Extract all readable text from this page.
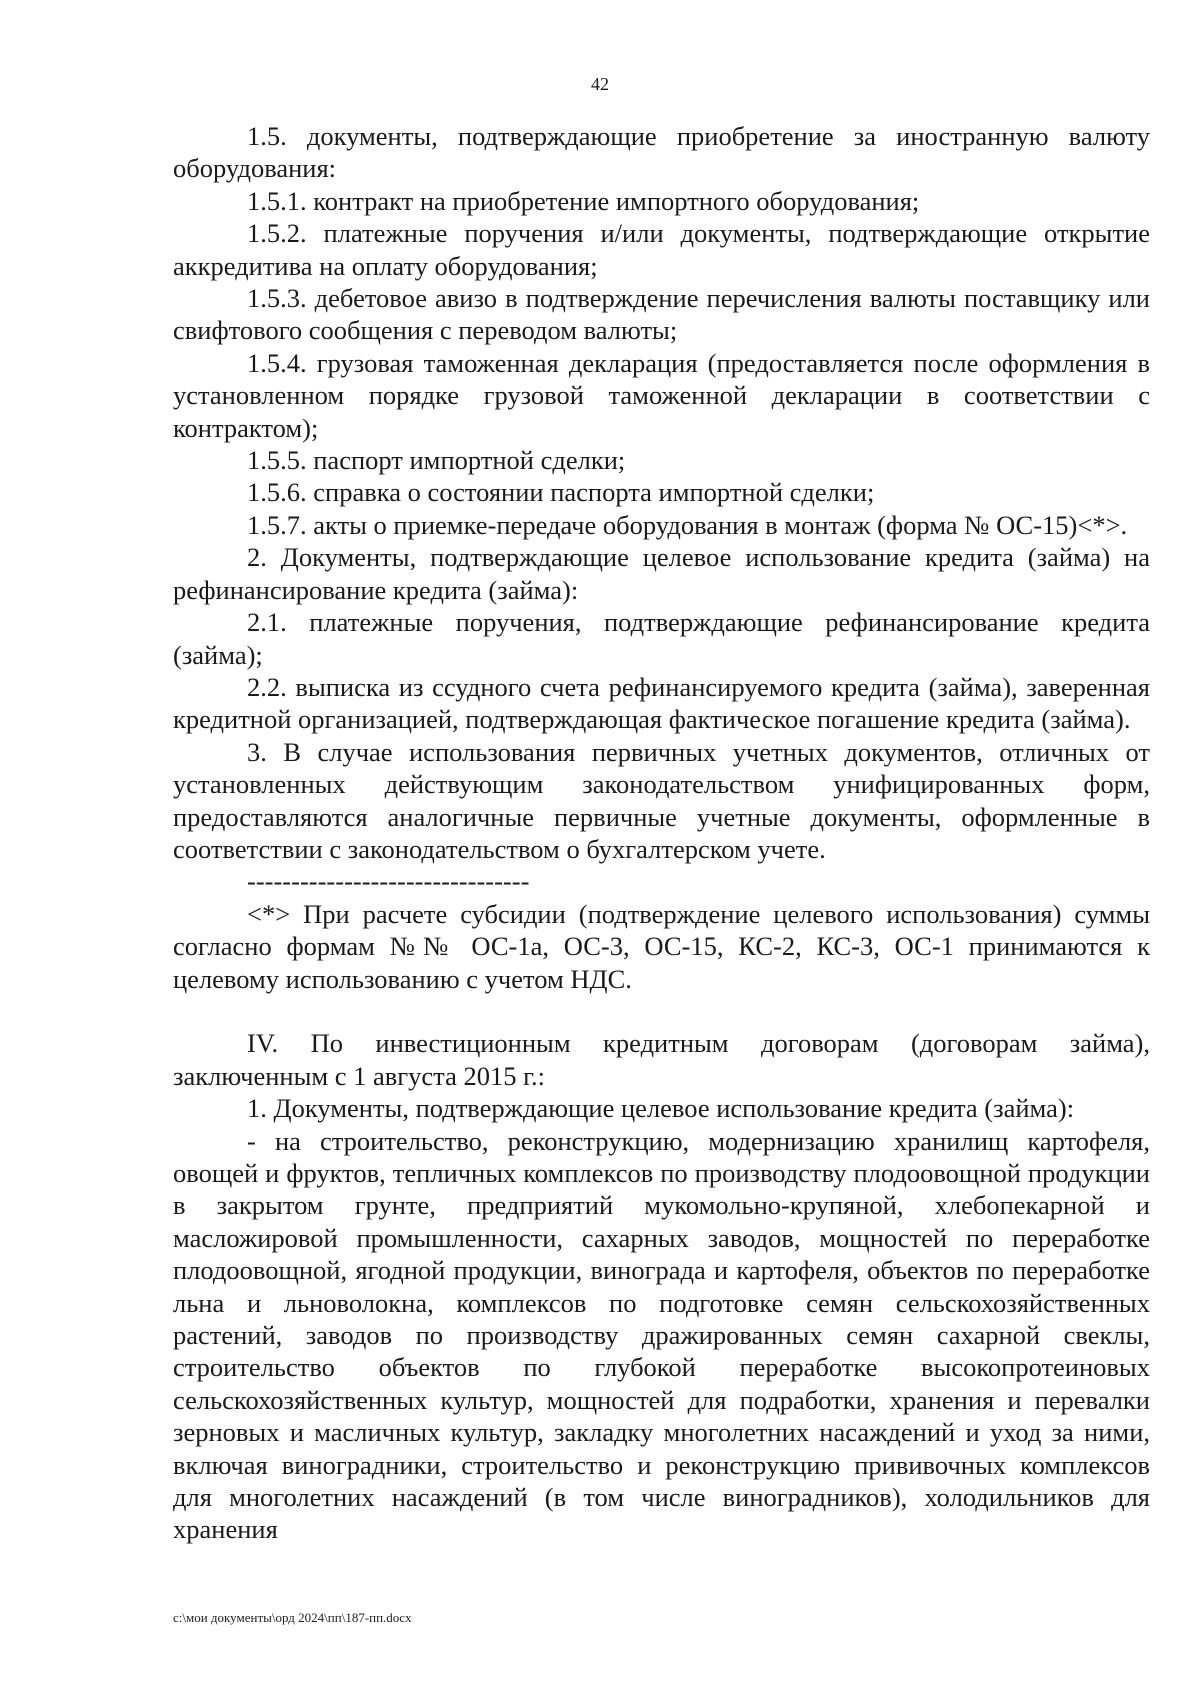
42

1.5. документы, подтверждающие приобретение за иностранную валюту оборудования:

1.5.1. контракт на приобретение импортного оборудования;

1.5.2. платежные поручения и/или документы, подтверждающие открытие аккредитива на оплату оборудования;

1.5.3. дебетовое авизо в подтверждение перечисления валюты поставщику или свифтового сообщения с переводом валюты;

1.5.4. грузовая таможенная декларация (предоставляется после оформления в установленном порядке грузовой таможенной декларации в соответствии с контрактом);

1.5.5. паспорт импортной сделки;

1.5.6. справка о состоянии паспорта импортной сделки;

1.5.7. акты о приемке-передаче оборудования в монтаж (форма № ОС-15)<*>.

2. Документы, подтверждающие целевое использование кредита (займа) на рефинансирование кредита (займа):

2.1. платежные поручения, подтверждающие рефинансирование кредита (займа);

2.2. выписка из ссудного счета рефинансируемого кредита (займа), заверенная кредитной организацией, подтверждающая фактическое погашение кредита (займа).

3. В случае использования первичных учетных документов, отличных от установленных действующим законодательством унифицированных форм, предоставляются аналогичные первичные учетные документы, оформленные в соответствии с законодательством о бухгалтерском учете.

--------------------------------

<*> При расчете субсидии (подтверждение целевого использования) суммы согласно формам №№ ОС-1а, ОС-3, ОС-15, КС-2, КС-3, ОС-1 принимаются к целевому использованию с учетом НДС.

IV. По инвестиционным кредитным договорам (договорам займа), заключенным с 1 августа 2015 г.:

1. Документы, подтверждающие целевое использование кредита (займа):

- на строительство, реконструкцию, модернизацию хранилищ картофеля, овощей и фруктов, тепличных комплексов по производству плодоовощной продукции в закрытом грунте, предприятий мукомольно-крупяной, хлебопекарной и масложировой промышленности, сахарных заводов, мощностей по переработке плодоовощной, ягодной продукции, винограда и картофеля, объектов по переработке льна и льноволокна, комплексов по подготовке семян сельскохозяйственных растений, заводов по производству дражированных семян сахарной свеклы, строительство объектов по глубокой переработке высокопротеиновых сельскохозяйственных культур, мощностей для подработки, хранения и перевалки зерновых и масличных культур, закладку многолетних насаждений и уход за ними, включая виноградники, строительство и реконструкцию прививочных комплексов для многолетних насаждений (в том числе виноградников), холодильников для хранения

c:\мои документы\орд 2024\пп\187-пп.docx
